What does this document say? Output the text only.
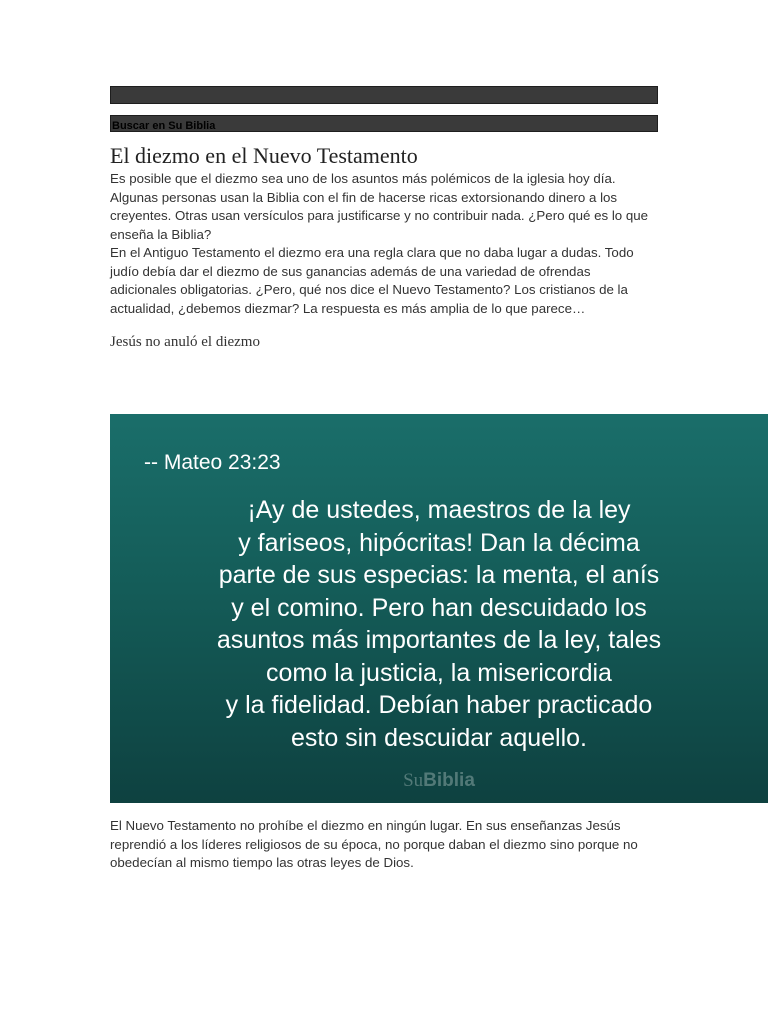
Buscar en Su Biblia
El diezmo en el Nuevo Testamento

Es posible que el diezmo sea uno de los asuntos más polémicos de la iglesia hoy día. Algunas personas usan la Biblia con el fin de hacerse ricas extorsionando dinero a los creyentes. Otras usan versículos para justificarse y no contribuir nada. ¿Pero qué es lo que enseña la Biblia?

En el Antiguo Testamento el diezmo era una regla clara que no daba lugar a dudas. Todo judío debía dar el diezmo de sus ganancias además de una variedad de ofrendas adicionales obligatorias. ¿Pero, qué nos dice el Nuevo Testamento? Los cristianos de la actualidad, ¿debemos diezmar? La respuesta es más amplia de lo que parece…

Jesús no anuló el diezmo
-- Mateo 23:23
¡Ay de ustedes, maestros de la ley
y fariseos, hipócritas! Dan la décima
parte de sus especias: la menta, el anís
y el comino. Pero han descuidado los
asuntos más importantes de la ley, tales
como la justicia, la misericordia
y la fidelidad. Debían haber practicado
esto sin descuidar aquello.
SuBiblia

El Nuevo Testamento no prohíbe el diezmo en ningún lugar. En sus enseñanzas Jesús reprendió a los líderes religiosos de su época, no porque daban el diezmo sino porque no obedecían al mismo tiempo las otras leyes de Dios.
